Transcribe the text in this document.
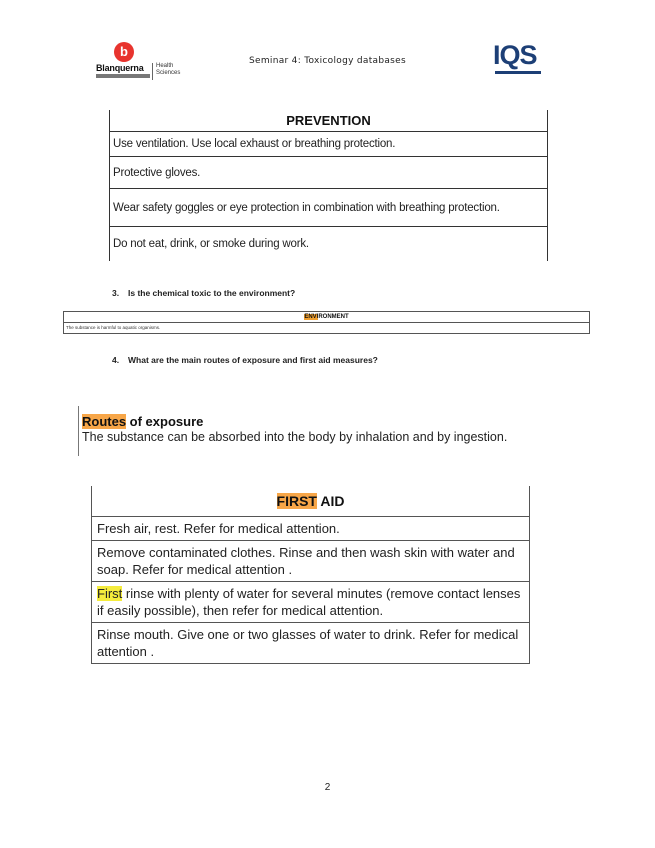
b
Blanquerna Health
Sciences
Seminar 4: Toxicology databases	IQS
PREVENTION
Use ventilation. Use local exhaust or breathing protection.
Protective gloves.
Wear safety goggles or eye protection in combination with breathing protection.
Do not eat, drink, or smoke during work.
3. Is the chemical toxic to the environment?
ENVIRONMENT
The substance is harmful to aquatic organisms.
4. What are the main routes of exposure and first aid measures?
Routes of exposure
The substance can be absorbed into the body by inhalation and by ingestion.
FIRST AID
Fresh air, rest. Refer for medical attention.
Remove contaminated clothes. Rinse and then wash skin with water and soap. Refer for medical attention .
First rinse with plenty of water for several minutes (remove contact lenses if easily possible), then refer for medical attention.
Rinse mouth. Give one or two glasses of water to drink. Refer for medical attention .
2
